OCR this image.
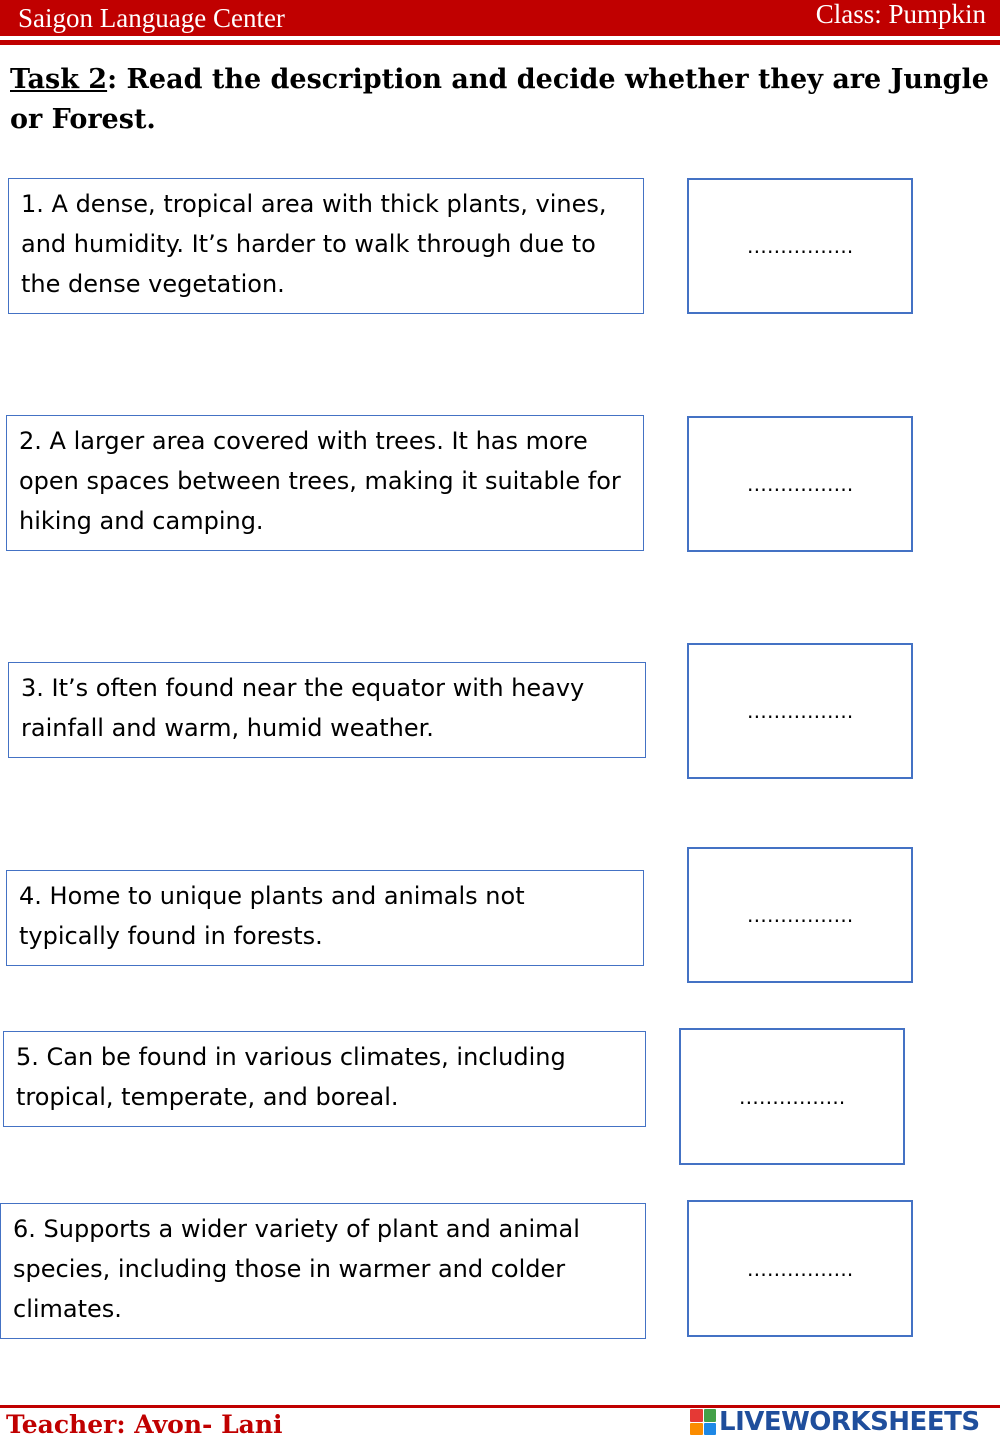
Saigon Language Center	Class: Pumpkin
Task 2: Read the description and decide whether they are Jungle or Forest.
1. A dense, tropical area with thick plants, vines, and humidity. It’s harder to walk through due to the dense vegetation.
…………….
2. A larger area covered with trees. It has more open spaces between trees, making it suitable for hiking and camping.
…………….
3. It’s often found near the equator with heavy rainfall and warm, humid weather.
…………….
4. Home to unique plants and animals not typically found in forests.
…………….
5. Can be found in various climates, including tropical, temperate, and boreal.	…………….
6. Supports a wider variety of plant and animal species, including those in warmer and colder climates.
…………….
Teacher: Avon- Lani	LIVEWORKSHEETS
